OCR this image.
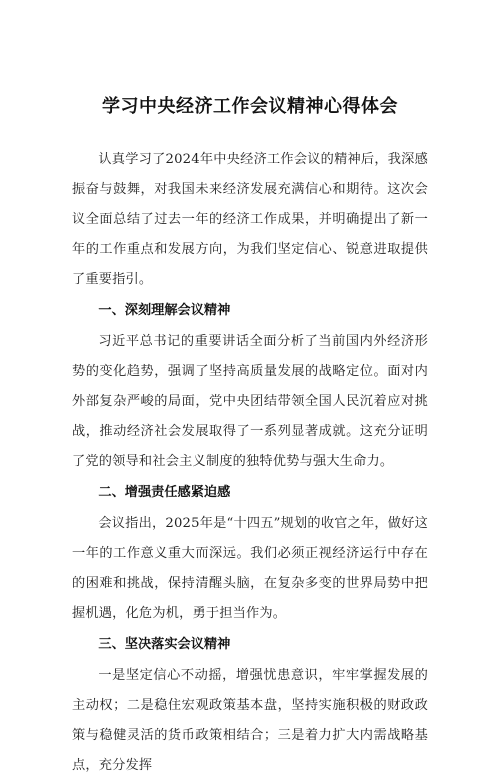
学习中央经济工作会议精神心得体会

认真学习了2024年中央经济工作会议的精神后，我深感振奋与鼓舞，对我国未来经济发展充满信心和期待。这次会议全面总结了过去一年的经济工作成果，并明确提出了新一年的工作重点和发展方向，为我们坚定信心、锐意进取提供了重要指引。

一、深刻理解会议精神

习近平总书记的重要讲话全面分析了当前国内外经济形势的变化趋势，强调了坚持高质量发展的战略定位。面对内外部复杂严峻的局面，党中央团结带领全国人民沉着应对挑战，推动经济社会发展取得了一系列显著成就。这充分证明了党的领导和社会主义制度的独特优势与强大生命力。

二、增强责任感紧迫感

会议指出，2025年是“十四五”规划的收官之年，做好这一年的工作意义重大而深远。我们必须正视经济运行中存在的困难和挑战，保持清醒头脑，在复杂多变的世界局势中把握机遇，化危为机，勇于担当作为。

三、坚决落实会议精神

一是坚定信心不动摇，增强忧患意识，牢牢掌握发展的主动权；二是稳住宏观政策基本盘，坚持实施积极的财政政策与稳健灵活的货币政策相结合；三是着力扩大内需战略基点，充分发挥
